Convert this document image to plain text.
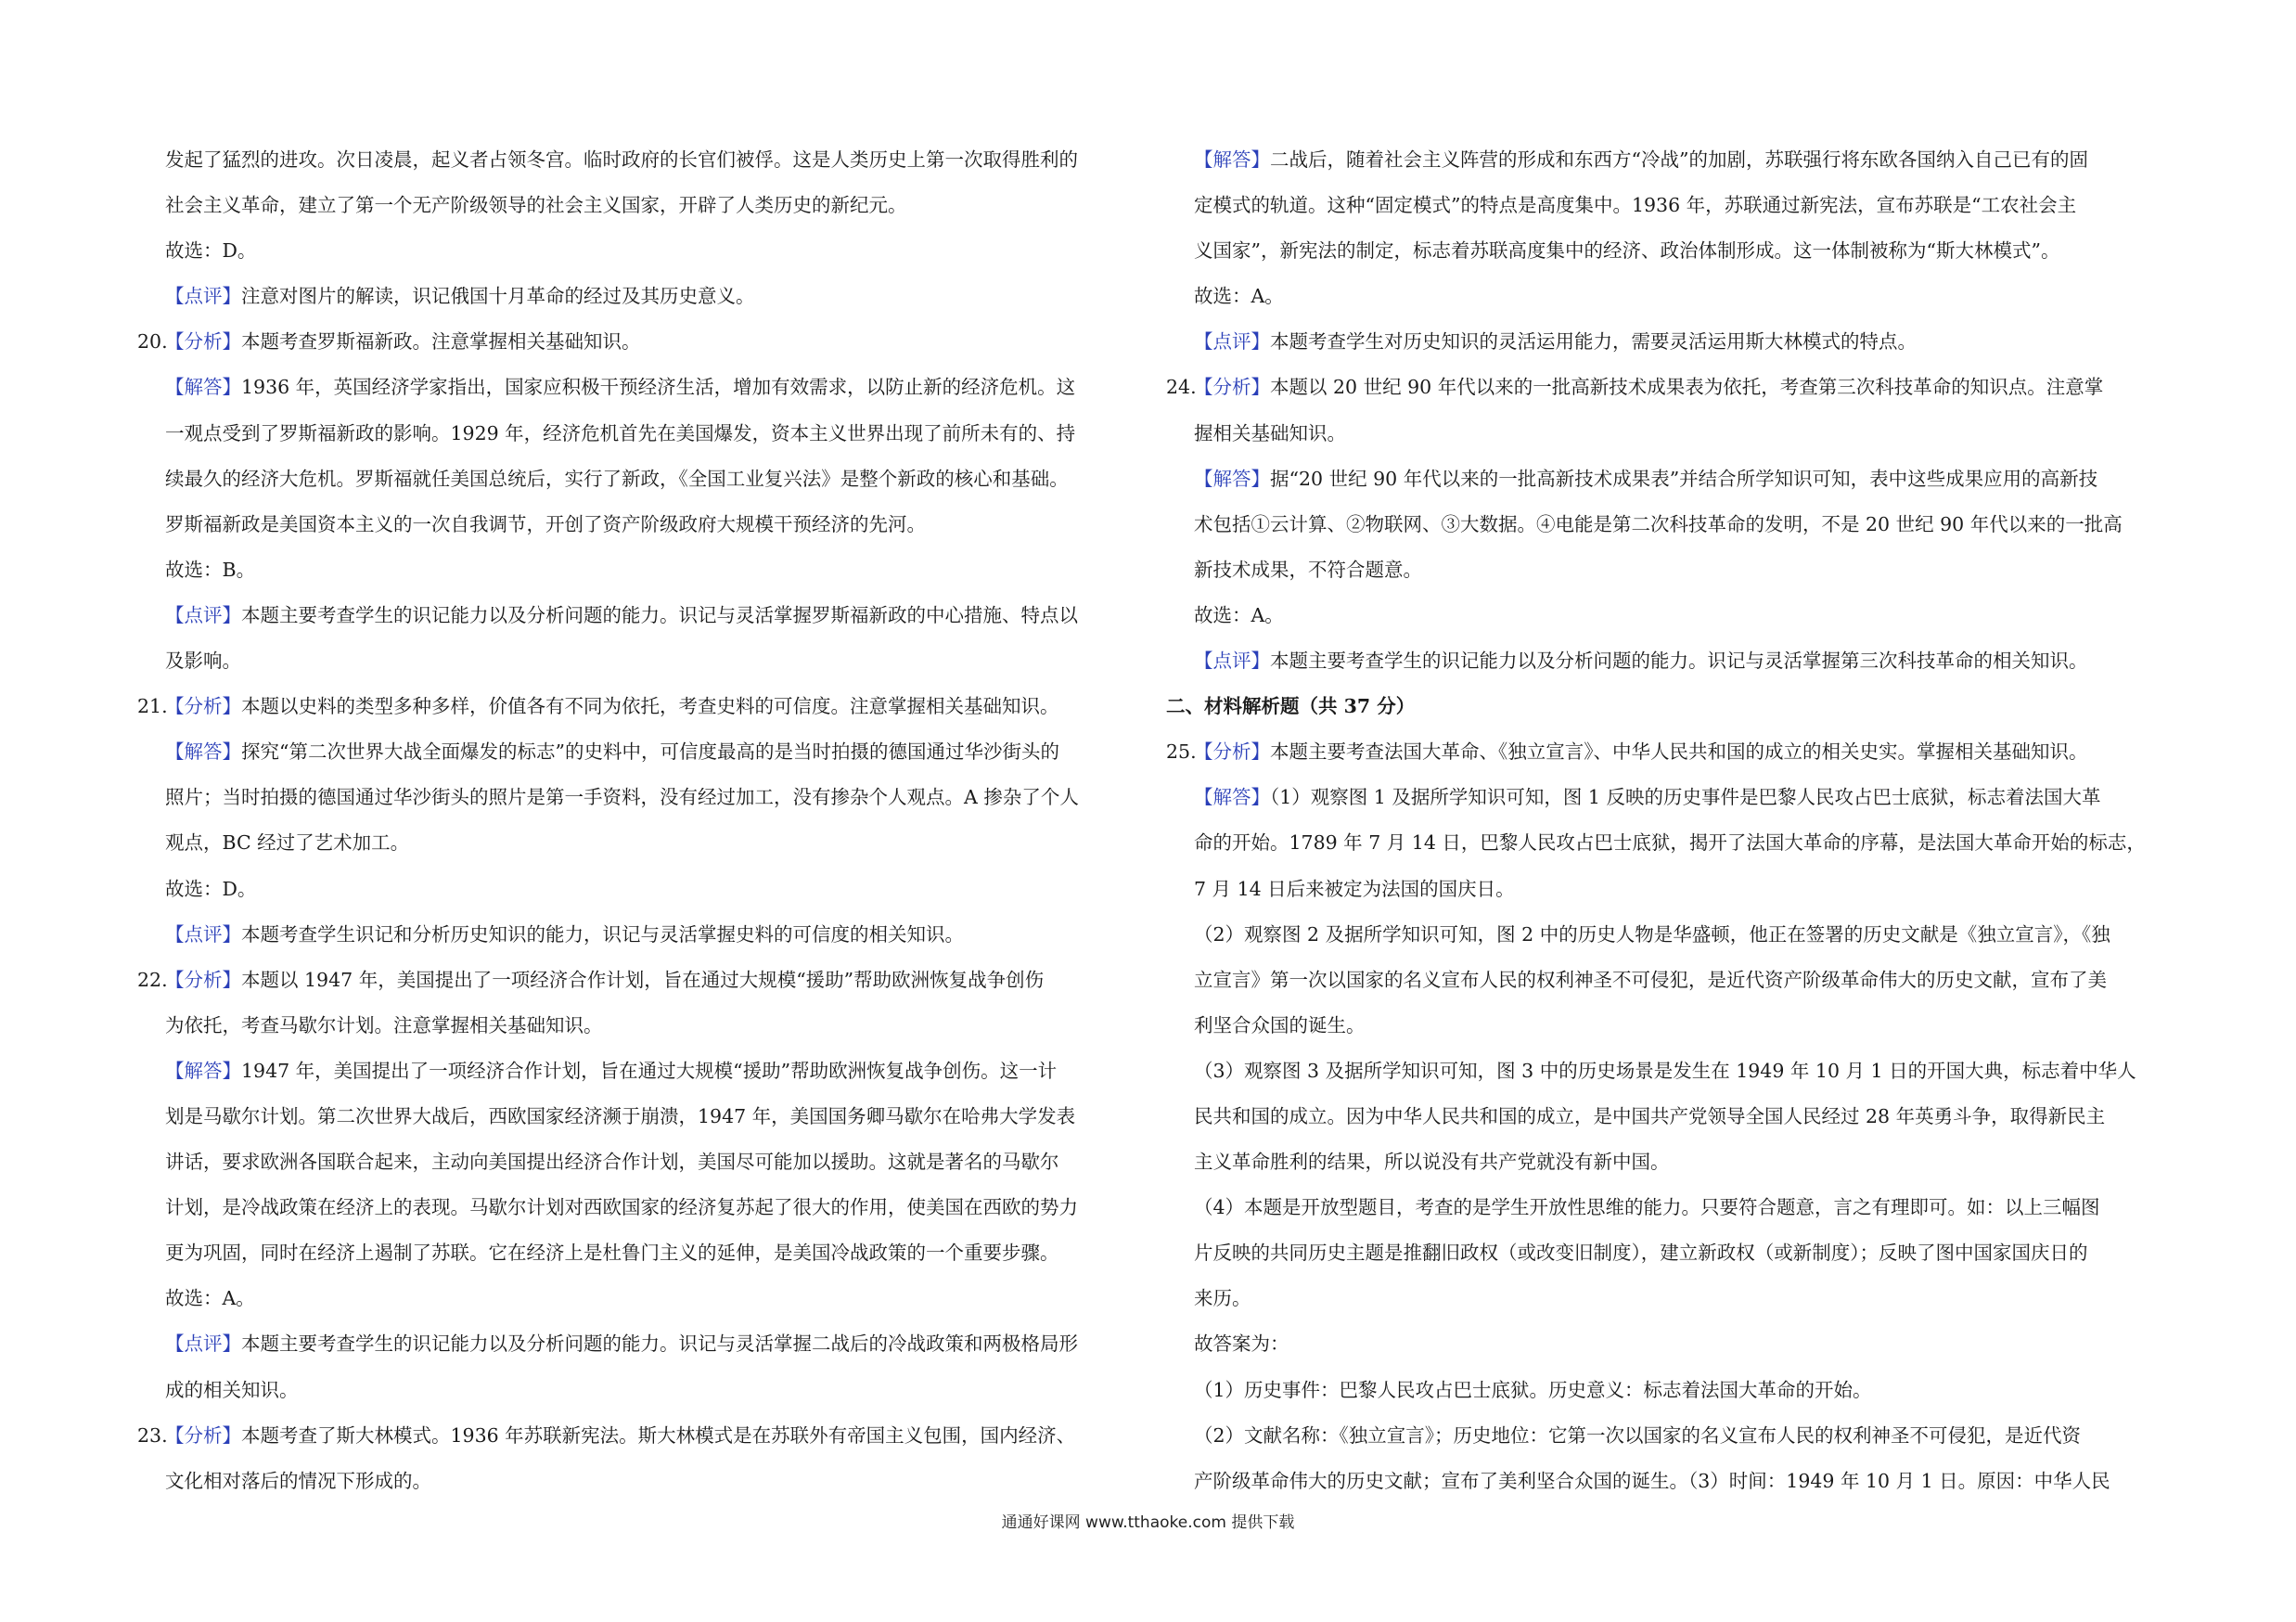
发起了猛烈的进攻。次日凌晨，起义者占领冬宫。临时政府的长官们被俘。这是人类历史上第一次取得胜利的
社会主义革命，建立了第一个无产阶级领导的社会主义国家，开辟了人类历史的新纪元。
故选：D。
【点评】注意对图片的解读，识记俄国十月革命的经过及其历史意义。
20.【分析】本题考查罗斯福新政。注意掌握相关基础知识。
【解答】1936 年，英国经济学家指出，国家应积极干预经济生活，增加有效需求，以防止新的经济危机。这
一观点受到了罗斯福新政的影响。1929 年，经济危机首先在美国爆发，资本主义世界出现了前所未有的、持
续最久的经济大危机。罗斯福就任美国总统后，实行了新政，《全国工业复兴法》是整个新政的核心和基础。
罗斯福新政是美国资本主义的一次自我调节，开创了资产阶级政府大规模干预经济的先河。
故选：B。
【点评】本题主要考查学生的识记能力以及分析问题的能力。识记与灵活掌握罗斯福新政的中心措施、特点以
及影响。
21.【分析】本题以史料的类型多种多样，价值各有不同为依托，考查史料的可信度。注意掌握相关基础知识。
【解答】探究“第二次世界大战全面爆发的标志”的史料中，可信度最高的是当时拍摄的德国通过华沙街头的
照片；当时拍摄的德国通过华沙街头的照片是第一手资料，没有经过加工，没有掺杂个人观点。A 掺杂了个人
观点，BC 经过了艺术加工。
故选：D。
【点评】本题考查学生识记和分析历史知识的能力，识记与灵活掌握史料的可信度的相关知识。
22.【分析】本题以 1947 年，美国提出了一项经济合作计划，旨在通过大规模“援助”帮助欧洲恢复战争创伤
为依托，考查马歇尔计划。注意掌握相关基础知识。
【解答】1947 年，美国提出了一项经济合作计划，旨在通过大规模“援助”帮助欧洲恢复战争创伤。这一计
划是马歇尔计划。第二次世界大战后，西欧国家经济濒于崩溃，1947 年，美国国务卿马歇尔在哈弗大学发表
讲话，要求欧洲各国联合起来，主动向美国提出经济合作计划，美国尽可能加以援助。这就是著名的马歇尔
计划，是冷战政策在经济上的表现。马歇尔计划对西欧国家的经济复苏起了很大的作用，使美国在西欧的势力
更为巩固，同时在经济上遏制了苏联。它在经济上是杜鲁门主义的延伸，是美国冷战政策的一个重要步骤。
故选：A。
【点评】本题主要考查学生的识记能力以及分析问题的能力。识记与灵活掌握二战后的冷战政策和两极格局形
成的相关知识。
23.【分析】本题考查了斯大林模式。1936 年苏联新宪法。斯大林模式是在苏联外有帝国主义包围，国内经济、
文化相对落后的情况下形成的。
【解答】二战后，随着社会主义阵营的形成和东西方“冷战”的加剧，苏联强行将东欧各国纳入自己已有的固
定模式的轨道。这种“固定模式”的特点是高度集中。1936 年，苏联通过新宪法，宣布苏联是“工农社会主
义国家”，新宪法的制定，标志着苏联高度集中的经济、政治体制形成。这一体制被称为“斯大林模式”。
故选：A。
【点评】本题考查学生对历史知识的灵活运用能力，需要灵活运用斯大林模式的特点。
24.【分析】本题以 20 世纪 90 年代以来的一批高新技术成果表为依托，考查第三次科技革命的知识点。注意掌
握相关基础知识。
【解答】据“20 世纪 90 年代以来的一批高新技术成果表”并结合所学知识可知，表中这些成果应用的高新技
术包括①云计算、②物联网、③大数据。④电能是第二次科技革命的发明，不是 20 世纪 90 年代以来的一批高
新技术成果，不符合题意。
故选：A。
【点评】本题主要考查学生的识记能力以及分析问题的能力。识记与灵活掌握第三次科技革命的相关知识。
二、材料解析题（共 37 分）
25.【分析】本题主要考查法国大革命、《独立宣言》、中华人民共和国的成立的相关史实。掌握相关基础知识。
【解答】（1）观察图 1 及据所学知识可知，图 1 反映的历史事件是巴黎人民攻占巴士底狱，标志着法国大革
命的开始。1789 年 7 月 14 日，巴黎人民攻占巴士底狱，揭开了法国大革命的序幕，是法国大革命开始的标志，
7 月 14 日后来被定为法国的国庆日。
（2）观察图 2 及据所学知识可知，图 2 中的历史人物是华盛顿，他正在签署的历史文献是《独立宣言》，《独
立宣言》第一次以国家的名义宣布人民的权利神圣不可侵犯，是近代资产阶级革命伟大的历史文献，宣布了美
利坚合众国的诞生。
（3）观察图 3 及据所学知识可知，图 3 中的历史场景是发生在 1949 年 10 月 1 日的开国大典，标志着中华人
民共和国的成立。因为中华人民共和国的成立，是中国共产党领导全国人民经过 28 年英勇斗争，取得新民主
主义革命胜利的结果，所以说没有共产党就没有新中国。
（4）本题是开放型题目，考查的是学生开放性思维的能力。只要符合题意，言之有理即可。如：以上三幅图
片反映的共同历史主题是推翻旧政权（或改变旧制度），建立新政权（或新制度）；反映了图中国家国庆日的
来历。
故答案为：
（1）历史事件：巴黎人民攻占巴士底狱。历史意义：标志着法国大革命的开始。
（2）文献名称：《独立宣言》；历史地位：它第一次以国家的名义宣布人民的权利神圣不可侵犯，是近代资
产阶级革命伟大的历史文献；宣布了美利坚合众国的诞生。（3）时间：1949 年 10 月 1 日。原因：中华人民
通通好课网 www.tthaoke.com 提供下载
